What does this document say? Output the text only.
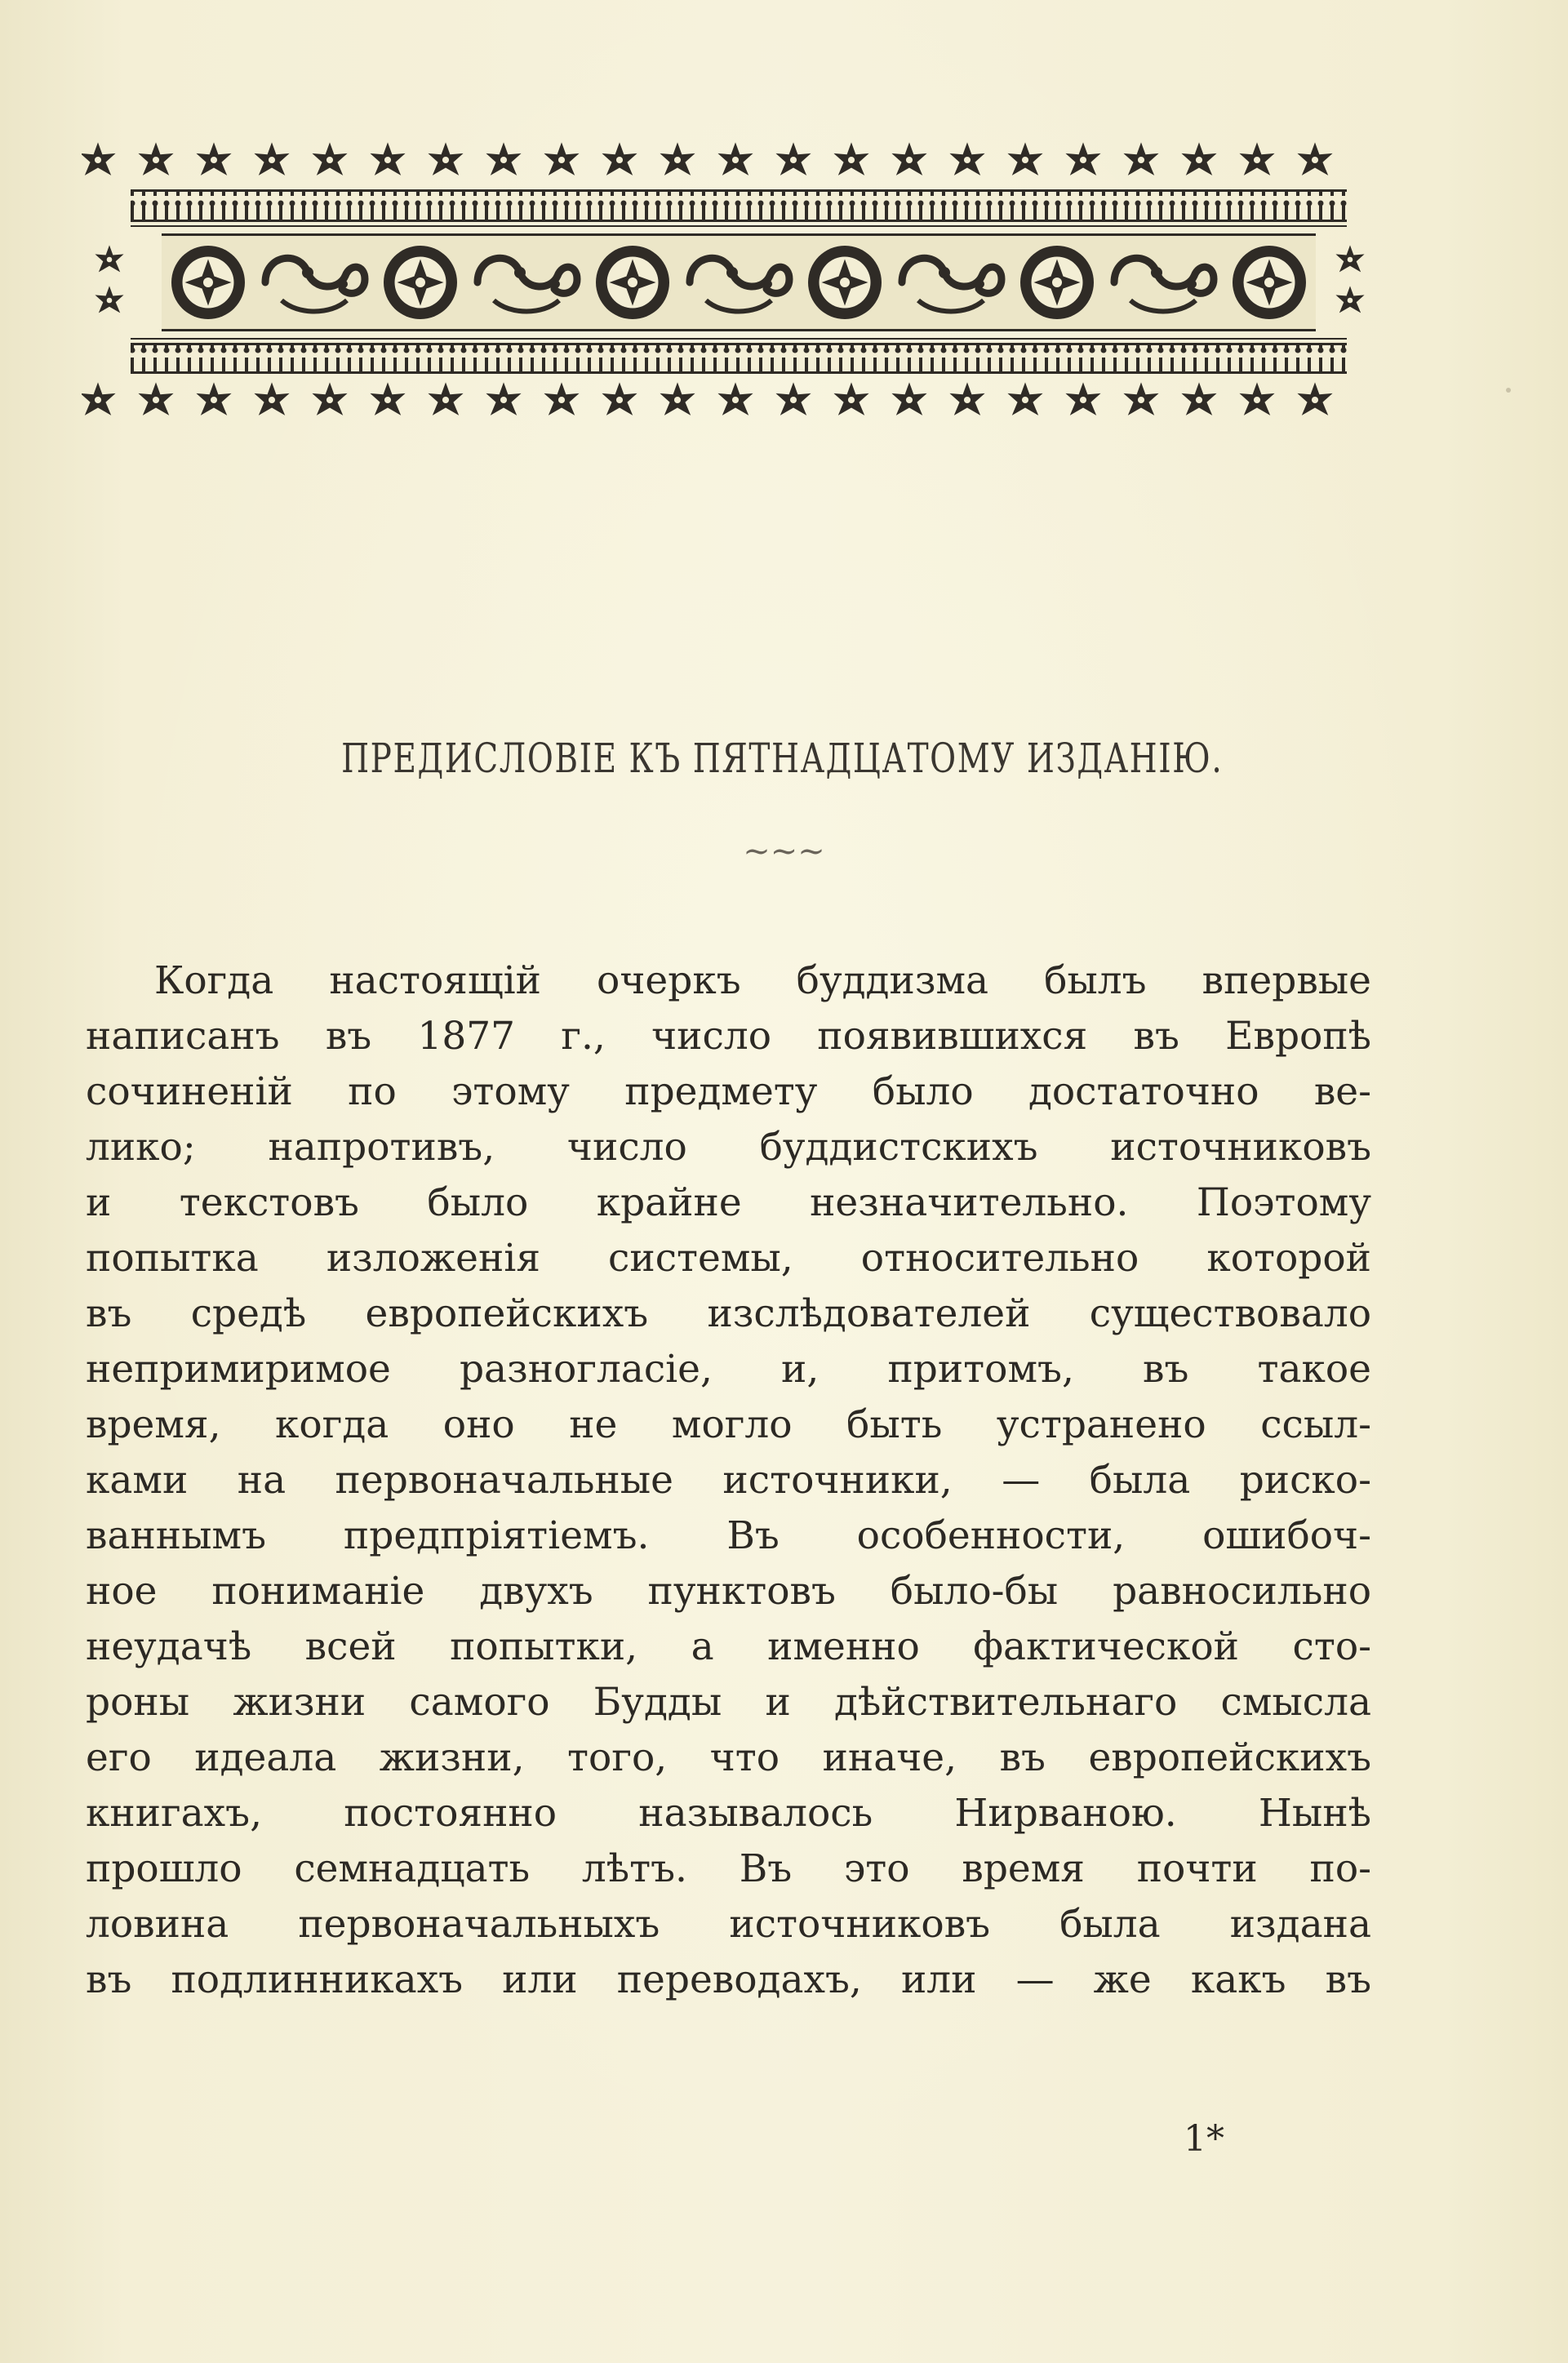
ПРЕДИСЛОВІЕ КЪ ПЯТНАДЦАТОМУ ИЗДАНІЮ.
~~~
Когда настоящій очеркъ буддизма былъ впервые
написанъ въ 1877 г., число появившихся въ Европѣ
сочиненій по этому предмету было достаточно ве-
лико; напротивъ, число буддистскихъ источниковъ
и текстовъ было крайне незначительно. Поэтому
попытка изложенія системы, относительно которой
въ средѣ европейскихъ изслѣдователей существовало
непримиримое разногласіе, и, притомъ, въ такое
время, когда оно не могло быть устранено ссыл-
ками на первоначальные источники, — была риско-
ваннымъ предпріятіемъ. Въ особенности, ошибоч-
ное пониманіе двухъ пунктовъ было-бы равносильно
неудачѣ всей попытки, а именно фактической сто-
роны жизни самого Будды и дѣйствительнаго смысла
его идеала жизни, того, что иначе, въ европейскихъ
книгахъ, постоянно называлось Нирваною. Нынѣ
прошло семнадцать лѣтъ. Въ это время почти по-
ловина первоначальныхъ источниковъ была издана
въ подлинникахъ или переводахъ, или — же какъ въ
1*
